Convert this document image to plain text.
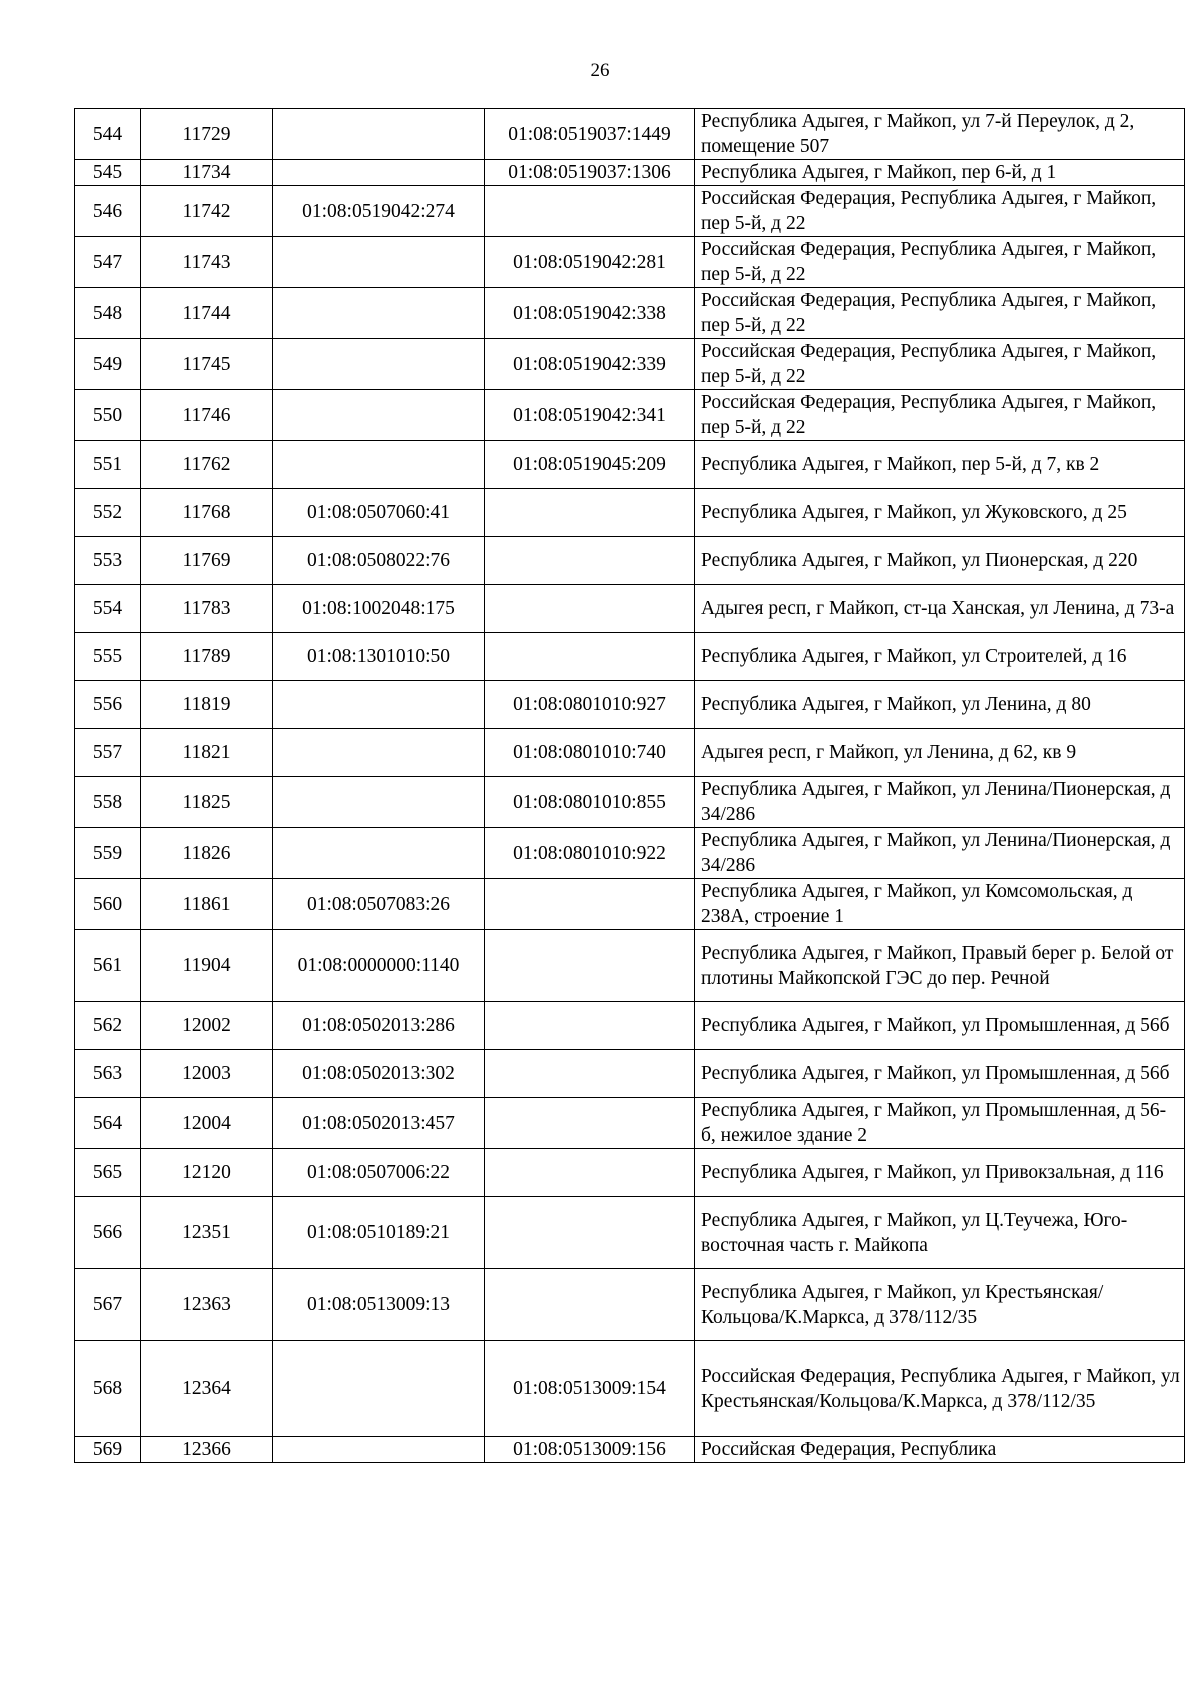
26
544	11729		01:08:0519037:1449	Республика Адыгея, г Майкоп, ул 7-й Переулок, д 2, помещение 507
545	11734		01:08:0519037:1306	Республика Адыгея, г Майкоп, пер 6-й, д 1
546	11742	01:08:0519042:274		Российская Федерация, Республика Адыгея, г Майкоп, пер 5-й, д 22
547	11743		01:08:0519042:281	Российская Федерация, Республика Адыгея, г Майкоп, пер 5-й, д 22
548	11744		01:08:0519042:338	Российская Федерация, Республика Адыгея, г Майкоп, пер 5-й, д 22
549	11745		01:08:0519042:339	Российская Федерация, Республика Адыгея, г Майкоп, пер 5-й, д 22
550	11746		01:08:0519042:341	Российская Федерация, Республика Адыгея, г Майкоп, пер 5-й, д 22
551	11762		01:08:0519045:209	Республика Адыгея, г Майкоп, пер 5-й, д 7, кв 2
552	11768	01:08:0507060:41		Республика Адыгея, г Майкоп, ул Жуковского, д 25
553	11769	01:08:0508022:76		Республика Адыгея, г Майкоп, ул Пионерская, д 220
554	11783	01:08:1002048:175		Адыгея респ, г Майкоп, ст-ца Ханская, ул Ленина, д 73-а
555	11789	01:08:1301010:50		Республика Адыгея, г Майкоп, ул Строителей, д 16
556	11819		01:08:0801010:927	Республика Адыгея, г Майкоп, ул Ленина, д 80
557	11821		01:08:0801010:740	Адыгея респ, г Майкоп, ул Ленина, д 62, кв 9
558	11825		01:08:0801010:855	Республика Адыгея, г Майкоп, ул Ленина/Пионерская, д 34/286
559	11826		01:08:0801010:922	Республика Адыгея, г Майкоп, ул Ленина/Пионерская, д 34/286
560	11861	01:08:0507083:26		Республика Адыгея, г Майкоп, ул Комсомольская, д 238А, строение 1
561	11904	01:08:0000000:1140		Республика Адыгея, г Майкоп, Правый берег р. Белой от плотины Майкопской ГЭС до пер. Речной
562	12002	01:08:0502013:286		Республика Адыгея, г Майкоп, ул Промышленная, д 56б
563	12003	01:08:0502013:302		Республика Адыгея, г Майкоп, ул Промышленная, д 56б
564	12004	01:08:0502013:457		Республика Адыгея, г Майкоп, ул Промышленная, д 56-б, нежилое здание 2
565	12120	01:08:0507006:22		Республика Адыгея, г Майкоп, ул Привокзальная, д 116
566	12351	01:08:0510189:21		Республика Адыгея, г Майкоп, ул Ц.Теучежа, Юго-восточная часть г. Майкопа
567	12363	01:08:0513009:13		Республика Адыгея, г Майкоп, ул Крестьянская/Кольцова/К.Маркса, д 378/112/35
568	12364		01:08:0513009:154	Российская Федерация, Республика Адыгея, г Майкоп, ул Крестьянская/Кольцова/К.Маркса, д 378/112/35
569	12366		01:08:0513009:156	Российская Федерация, Республика
